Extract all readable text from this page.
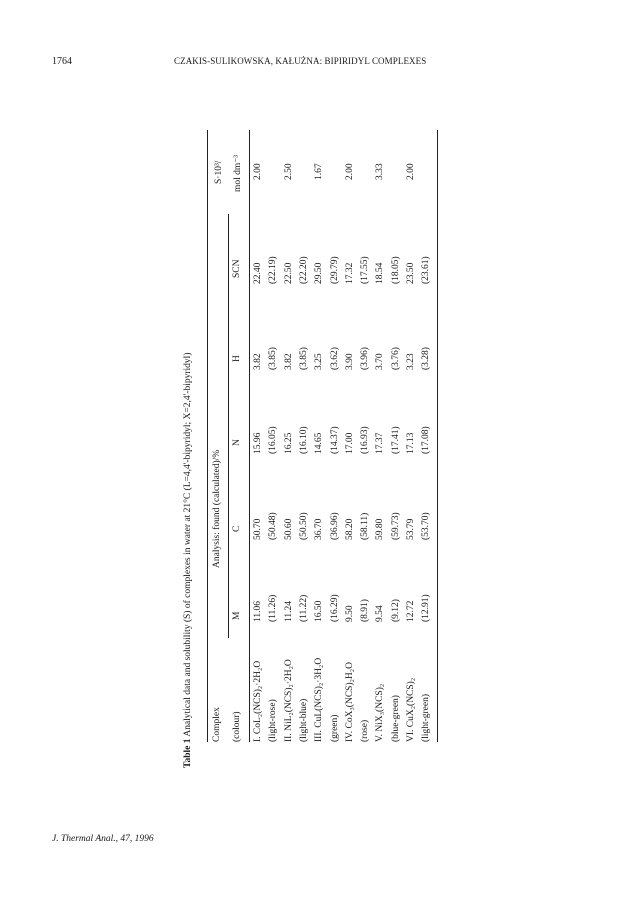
1764	CZAKIS-SULIKOWSKA, KAŁUŻNA: BIPIRIDYL COMPLEXES
Table 1 Analytical data and solubility (S) of complexes in water at 21°C (L=4,4'-bipyridyl; X=2,4'-bipyridyl) Complex
Analysis: found (calculated)/%
S·10³/
(colour)
M
C
N
H
SCN
mol dm⁻³
I. CoL₂(NCS)₂·2H₂O
11.06
50.70
15.96
3.82
22.40
2.00
(light-rose)
(11.26)
(50.48)
(16.05)
(3.85)
(22.19)
II. NiL₂(NCS)₂·2H₂O
11.24
50.60
16.25
3.82
22.50
2.50
(light-blue)
(11.22)
(50.50)
(16.10)
(3.85)
(22.20)
III. CuL(NCS)₂·3H₂O
16.50
36.70
14.65
3.25
29.50
1.67
(green)
(16.29)
(36.96)
(14.37)
(3.62)
(29.79)
IV. CoX₃(NCS)₂H₂O
9.50
58.20
17.00
3.90
17.32
2.00
(rose)
(8.91)
(58.11)
(16.93)
(3.96)
(17.55)
V. NiX₃(NCS)₂
9.54
59.80
17.37
3.70
18.54
3.33
(blue-green)
(9.12)
(59.73)
(17.41)
(3.76)
(18.05)
VI. CuX₂(NCS)₂
12.72
53.79
17.13
3.23
23.50
2.00
(light-green)
(12.91)
(53.70)
(17.08)
(3.28)
(23.61)
J. Thermal Anal., 47, 1996
